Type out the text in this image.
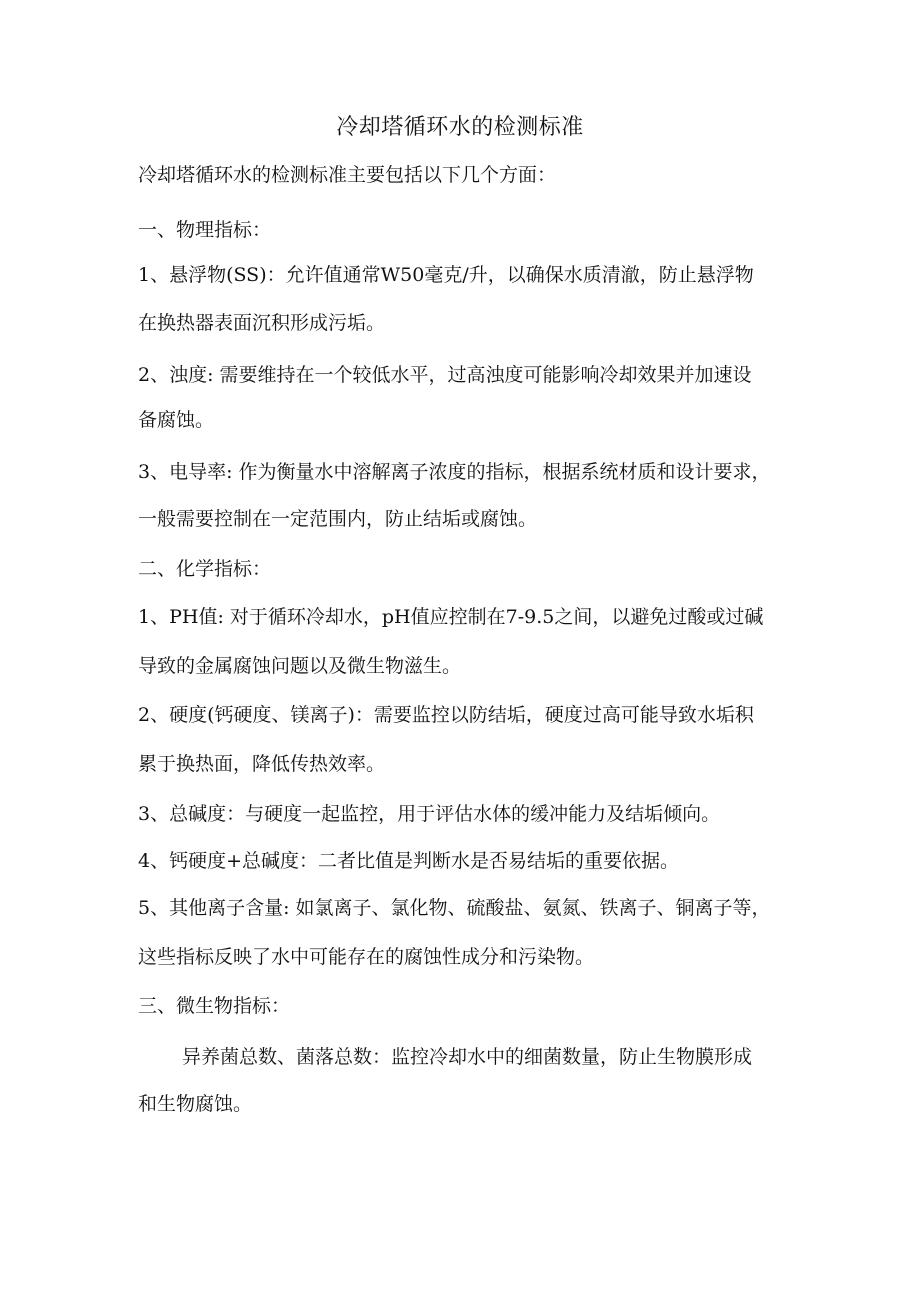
冷却塔循环水的检测标准

冷却塔循环水的检测标准主要包括以下几个方面：

一、物理指标：

1、悬浮物(SS)：允许值通常W50毫克/升，以确保水质清澈，防止悬浮物

在换热器表面沉积形成污垢。

2、浊度: 需要维持在一个较低水平，过高浊度可能影响冷却效果并加速设

备腐蚀。

3、电导率: 作为衡量水中溶解离子浓度的指标，根据系统材质和设计要求，

一般需要控制在一定范围内，防止结垢或腐蚀。

二、化学指标：

1、PH值: 对于循环冷却水，pH值应控制在7-9.5之间，以避免过酸或过碱

导致的金属腐蚀问题以及微生物滋生。

2、硬度(钙硬度、镁离子)：需要监控以防结垢，硬度过高可能导致水垢积

累于换热面，降低传热效率。

3、总碱度：与硬度一起监控，用于评估水体的缓冲能力及结垢倾向。

4、钙硬度+总碱度：二者比值是判断水是否易结垢的重要依据。

5、其他离子含量: 如氯离子、氯化物、硫酸盐、氨氮、铁离子、铜离子等，

这些指标反映了水中可能存在的腐蚀性成分和污染物。

三、微生物指标：

异养菌总数、菌落总数：监控冷却水中的细菌数量，防止生物膜形成

和生物腐蚀。
